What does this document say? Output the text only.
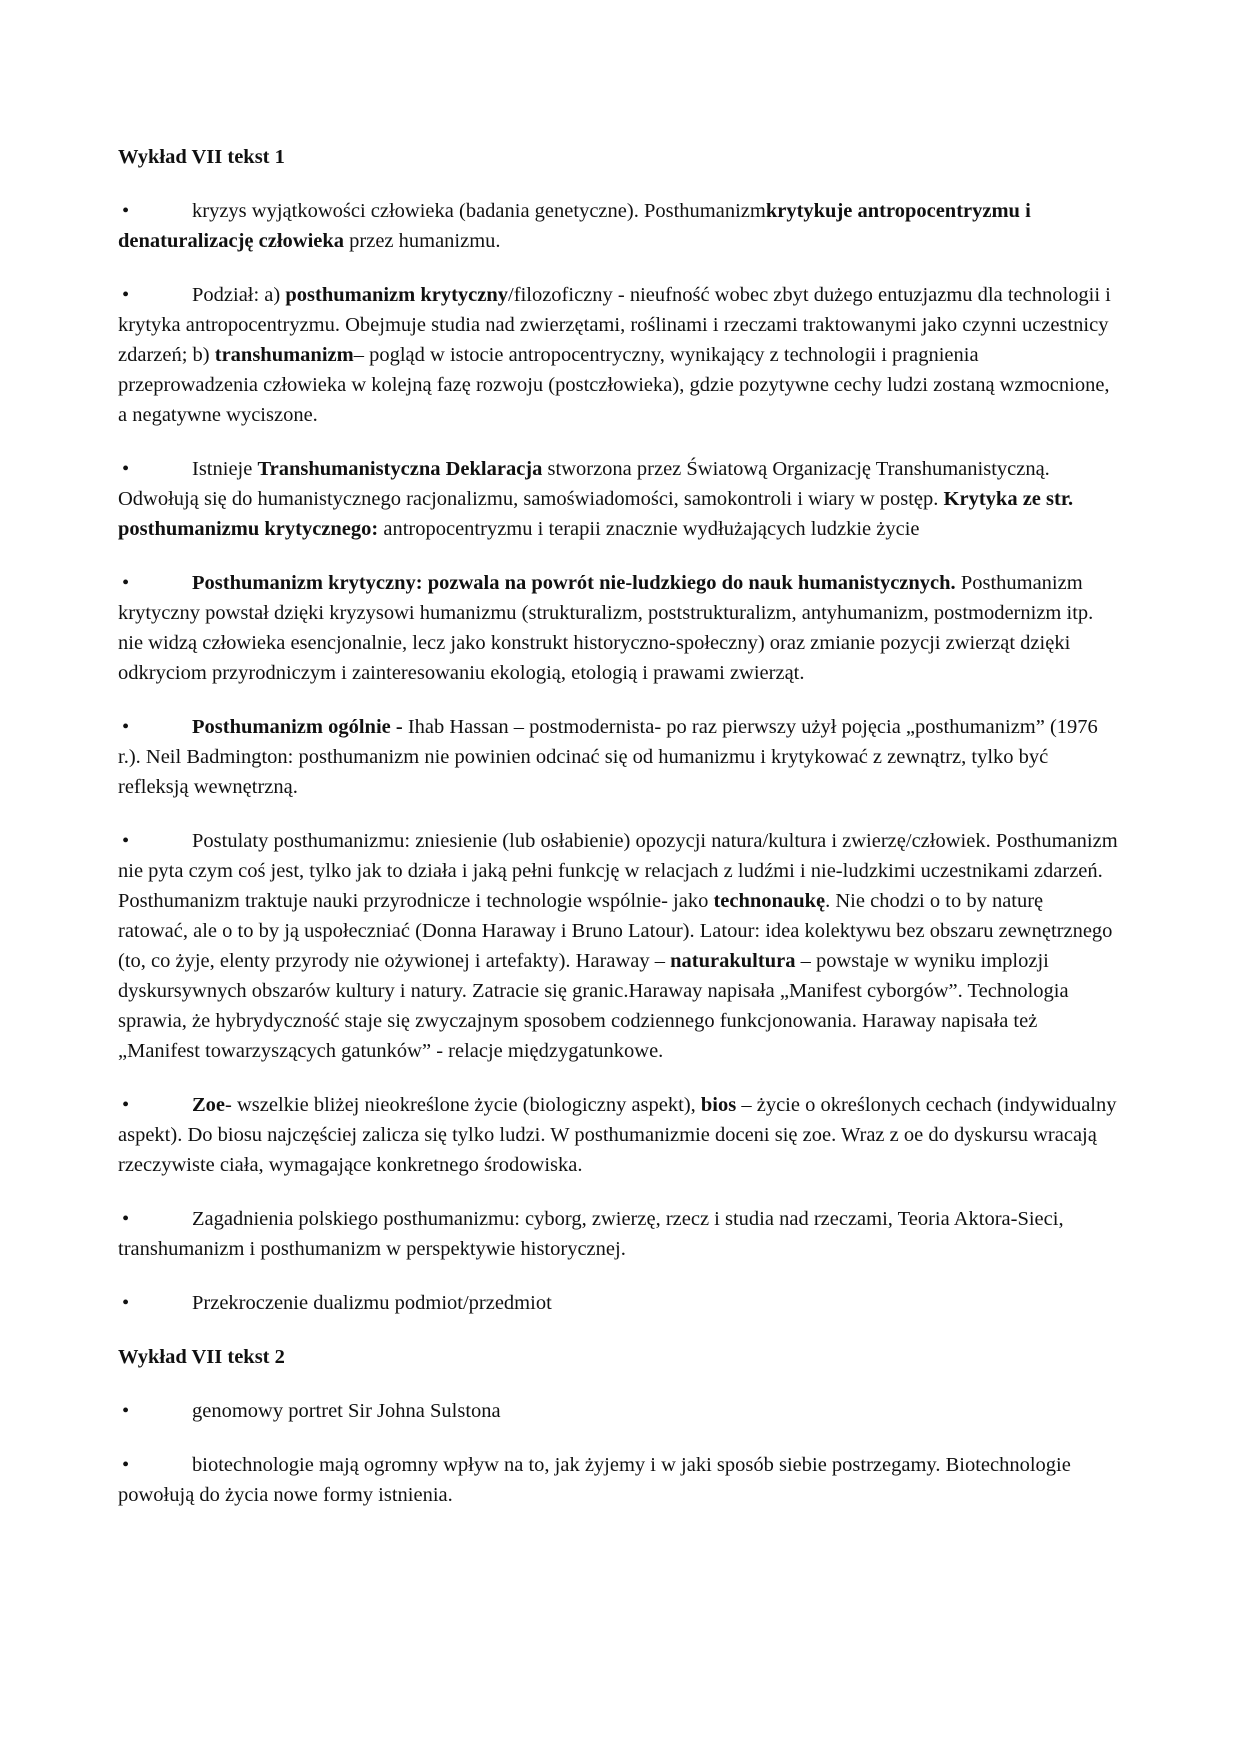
Wykład VII tekst 1
•	kryzys wyjątkowości człowieka (badania genetyczne). Posthumanizmkrytykuje antropocentryzmu i denaturalizację człowieka przez humanizmu.
•	Podział: a) posthumanizm krytyczny/filozoficzny - nieufność wobec zbyt dużego entuzjazmu dla technologii i krytyka antropocentryzmu. Obejmuje studia nad zwierzętami, roślinami i rzeczami traktowanymi jako czynni uczestnicy zdarzeń; b) transhumanizm– pogląd w istocie antropocentryczny, wynikający z technologii i pragnienia przeprowadzenia człowieka w kolejną fazę rozwoju (postczłowieka), gdzie pozytywne cechy ludzi zostaną wzmocnione, a negatywne wyciszone.
•	Istnieje Transhumanistyczna Deklaracja stworzona przez Światową Organizację Transhumanistyczną. Odwołują się do humanistycznego racjonalizmu, samoświadomości, samokontroli i wiary w postęp. Krytyka ze str. posthumanizmu krytycznego: antropocentryzmu i terapii znacznie wydłużających ludzkie życie
•	Posthumanizm krytyczny: pozwala na powrót nie-ludzkiego do nauk humanistycznych. Posthumanizm krytyczny powstał dzięki kryzysowi humanizmu (strukturalizm, poststrukturalizm, antyhumanizm, postmodernizm itp. nie widzą człowieka esencjonalnie, lecz jako konstrukt historyczno-społeczny) oraz zmianie pozycji zwierząt dzięki odkryciom przyrodniczym i zainteresowaniu ekologią, etologią i prawami zwierząt.
•	Posthumanizm ogólnie - Ihab Hassan – postmodernista- po raz pierwszy użył pojęcia „posthumanizm” (1976 r.). Neil Badmington: posthumanizm nie powinien odcinać się od humanizmu i krytykować z zewnątrz, tylko być refleksją wewnętrzną.
•	Postulaty posthumanizmu: zniesienie (lub osłabienie) opozycji natura/kultura i zwierzę/człowiek. Posthumanizm nie pyta czym coś jest, tylko jak to działa i jaką pełni funkcję w relacjach z ludźmi i nie-ludzkimi uczestnikami zdarzeń. Posthumanizm traktuje nauki przyrodnicze i technologie wspólnie- jako technonaukę. Nie chodzi o to by naturę ratować, ale o to by ją uspołeczniać (Donna Haraway i Bruno Latour). Latour: idea kolektywu bez obszaru zewnętrznego (to, co żyje, elenty przyrody nie ożywionej i artefakty). Haraway – naturakultura – powstaje w wyniku implozji dyskursywnych obszarów kultury i natury. Zatracie się granic.Haraway napisała „Manifest cyborgów”. Technologia sprawia, że hybrydyczność staje się zwyczajnym sposobem codziennego funkcjonowania. Haraway napisała też „Manifest towarzyszących gatunków” - relacje międzygatunkowe.
•	Zoe- wszelkie bliżej nieokreślone życie (biologiczny aspekt), bios – życie o określonych cechach (indywidualny aspekt). Do biosu najczęściej zalicza się tylko ludzi. W posthumanizmie doceni się zoe. Wraz z oe do dyskursu wracają rzeczywiste ciała, wymagające konkretnego środowiska.
•	Zagadnienia polskiego posthumanizmu: cyborg, zwierzę, rzecz i studia nad rzeczami, Teoria Aktora-Sieci, transhumanizm i posthumanizm w perspektywie historycznej.
•	Przekroczenie dualizmu podmiot/przedmiot
Wykład VII tekst 2
•	genomowy portret Sir Johna Sulstona
•	biotechnologie mają ogromny wpływ na to, jak żyjemy i w jaki sposób siebie postrzegamy. Biotechnologie powołują do życia nowe formy istnienia.
